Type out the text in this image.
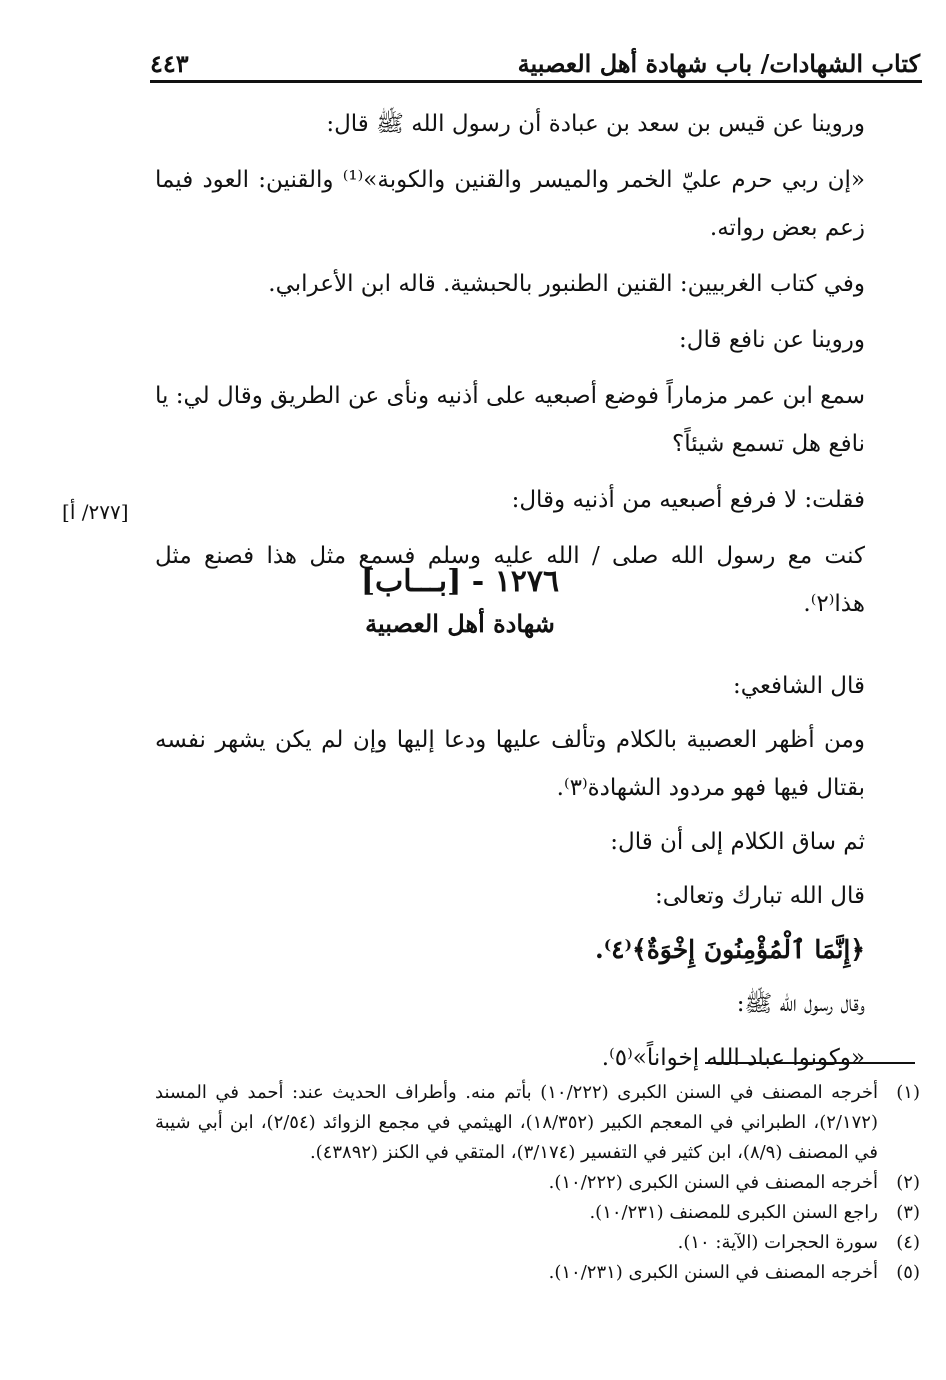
كتاب الشهادات/ باب شهادة أهل العصبية
٤٤٣

وروينا عن قيس بن سعد بن عبادة أن رسول الله ﷺ قال:

«إن ربي حرم عليّ الخمر والميسر والقنين والكوبة»⁽¹⁾ والقنين: العود فيما زعم بعض رواته.

وفي كتاب الغربيين: القنين الطنبور بالحبشية. قاله ابن الأعرابي.

وروينا عن نافع قال:

سمع ابن عمر مزماراً فوضع أصبعيه على أذنيه ونأى عن الطريق وقال لي: يا نافع هل تسمع شيئاً؟

فقلت: لا فرفع أصبعيه من أذنيه وقال:

كنت مع رسول الله صلى / الله عليه وسلم فسمع مثل هذا فصنع مثل هذا⁽٢⁾.

[٢٧٧/ أ]
١٢٧٦ - [بـــاب]
شهادة أهل العصبية

قال الشافعي:

ومن أظهر العصبية بالكلام وتألف عليها ودعا إليها وإن لم يكن يشهر نفسه بقتال فيها فهو مردود الشهادة⁽٣⁾.

ثم ساق الكلام إلى أن قال:

قال الله تبارك وتعالى:

﴿إِنَّمَا ٱلْمُؤْمِنُونَ إِخْوَةٌ﴾⁽٤⁾.

وقال رسول الله ﷺ:

«وكونوا عباد الله إخواناً»⁽٥⁾.

(١)
أخرجه المصنف في السنن الكبرى (١٠/٢٢٢) بأتم منه. وأطراف الحديث عند: أحمد في المسند (٢/١٧٢)، الطبراني في المعجم الكبير (١٨/٣٥٢)، الهيثمي في مجمع الزوائد (٢/٥٤)، ابن أبي شيبة في المصنف (٨/٩)، ابن كثير في التفسير (٣/١٧٤)، المتقي في الكنز (٤٣٨٩٢).
(٢)
أخرجه المصنف في السنن الكبرى (١٠/٢٢٢).
(٣)
راجع السنن الكبرى للمصنف (١٠/٢٣١).
(٤)
سورة الحجرات (الآية: ١٠).
(٥)
أخرجه المصنف في السنن الكبرى (١٠/٢٣١).
